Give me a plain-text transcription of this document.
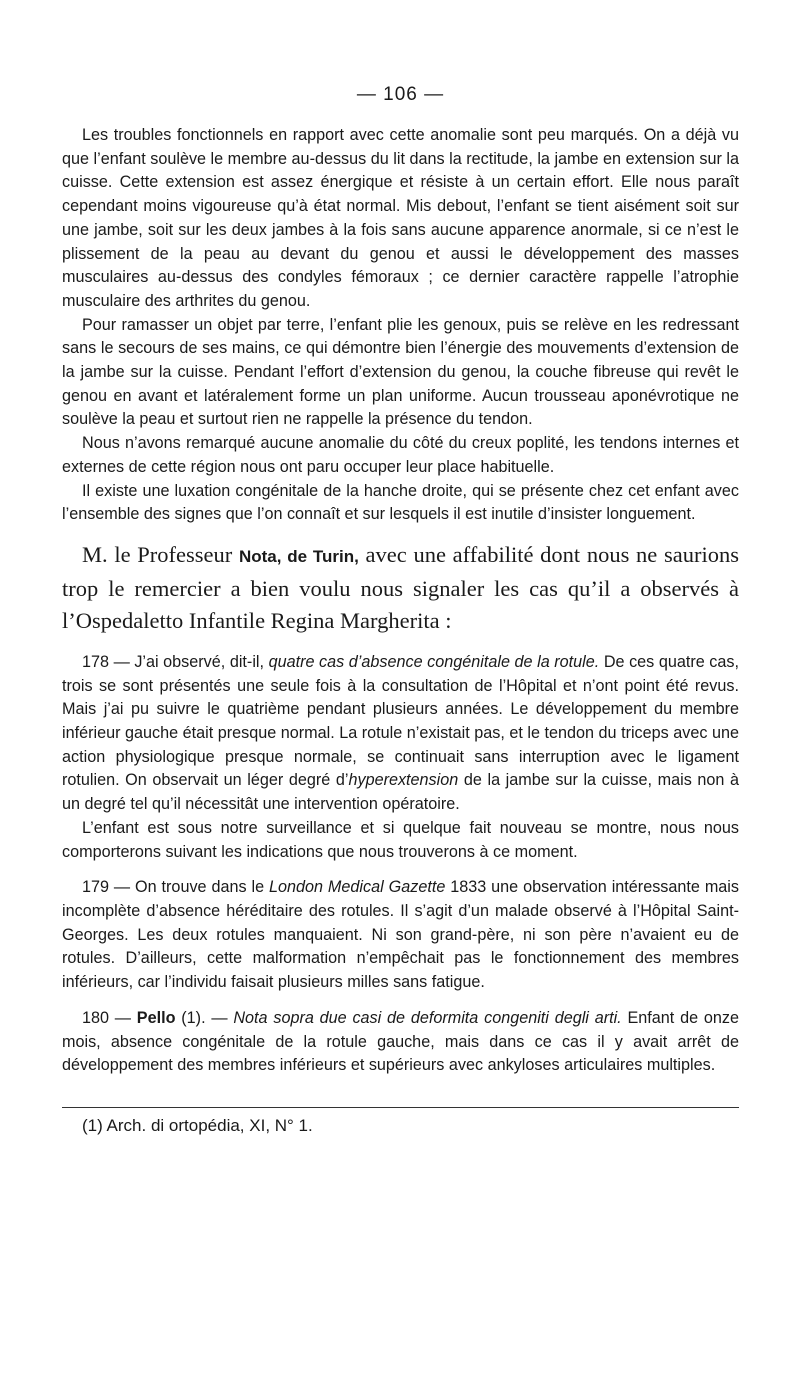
— 106 —

Les troubles fonctionnels en rapport avec cette anomalie sont peu marqués. On a déjà vu que l’enfant soulève le membre au-dessus du lit dans la rectitude, la jambe en extension sur la cuisse. Cette extension est assez énergique et résiste à un certain effort. Elle nous paraît cependant moins vigoureuse qu’à état normal. Mis debout, l’enfant se tient aisément soit sur une jambe, soit sur les deux jambes à la fois sans aucune apparence anormale, si ce n’est le plissement de la peau au devant du genou et aussi le développement des masses musculaires au-dessus des condyles fémoraux ; ce dernier caractère rappelle l’atrophie musculaire des arthrites du genou.

Pour ramasser un objet par terre, l’enfant plie les genoux, puis se relève en les redressant sans le secours de ses mains, ce qui démontre bien l’énergie des mouvements d’extension de la jambe sur la cuisse. Pendant l’effort d’extension du genou, la couche fibreuse qui revêt le genou en avant et latéralement forme un plan uniforme. Aucun trousseau aponévrotique ne soulève la peau et surtout rien ne rappelle la présence du tendon.

Nous n’avons remarqué aucune anomalie du côté du creux poplité, les tendons internes et externes de cette région nous ont paru occuper leur place habituelle.

Il existe une luxation congénitale de la hanche droite, qui se présente chez cet enfant avec l’ensemble des signes que l’on connaît et sur lesquels il est inutile d’insister longuement.

M. le Professeur Nota, de Turin, avec une affabilité dont nous ne saurions trop le remercier a bien voulu nous signaler les cas qu’il a observés à l’Ospedaletto Infantile Regina Margherita :

178 — J’ai observé, dit-il, quatre cas d’absence congénitale de la rotule. De ces quatre cas, trois se sont présentés une seule fois à la consultation de l’Hôpital et n’ont point été revus. Mais j’ai pu suivre le quatrième pendant plusieurs années. Le développement du membre inférieur gauche était presque normal. La rotule n’existait pas, et le tendon du triceps avec une action physiologique presque normale, se continuait sans interruption avec le ligament rotulien. On observait un léger degré d’hyperextension de la jambe sur la cuisse, mais non à un degré tel qu’il nécessitât une intervention opératoire.

L’enfant est sous notre surveillance et si quelque fait nouveau se montre, nous nous comporterons suivant les indications que nous trouverons à ce moment.

179 — On trouve dans le London Medical Gazette 1833 une observation intéressante mais incomplète d’absence héréditaire des rotules. Il s’agit d’un malade observé à l’Hôpital Saint-Georges. Les deux rotules manquaient. Ni son grand-père, ni son père n’avaient eu de rotules. D’ailleurs, cette malformation n’empêchait pas le fonctionnement des membres inférieurs, car l’individu faisait plusieurs milles sans fatigue.

180 — Pello (1). — Nota sopra due casi de deformita congeniti degli arti. Enfant de onze mois, absence congénitale de la rotule gauche, mais dans ce cas il y avait arrêt de développement des membres inférieurs et supérieurs avec ankyloses articulaires multiples.

(1) Arch. di ortopédia, XI, N° 1.
